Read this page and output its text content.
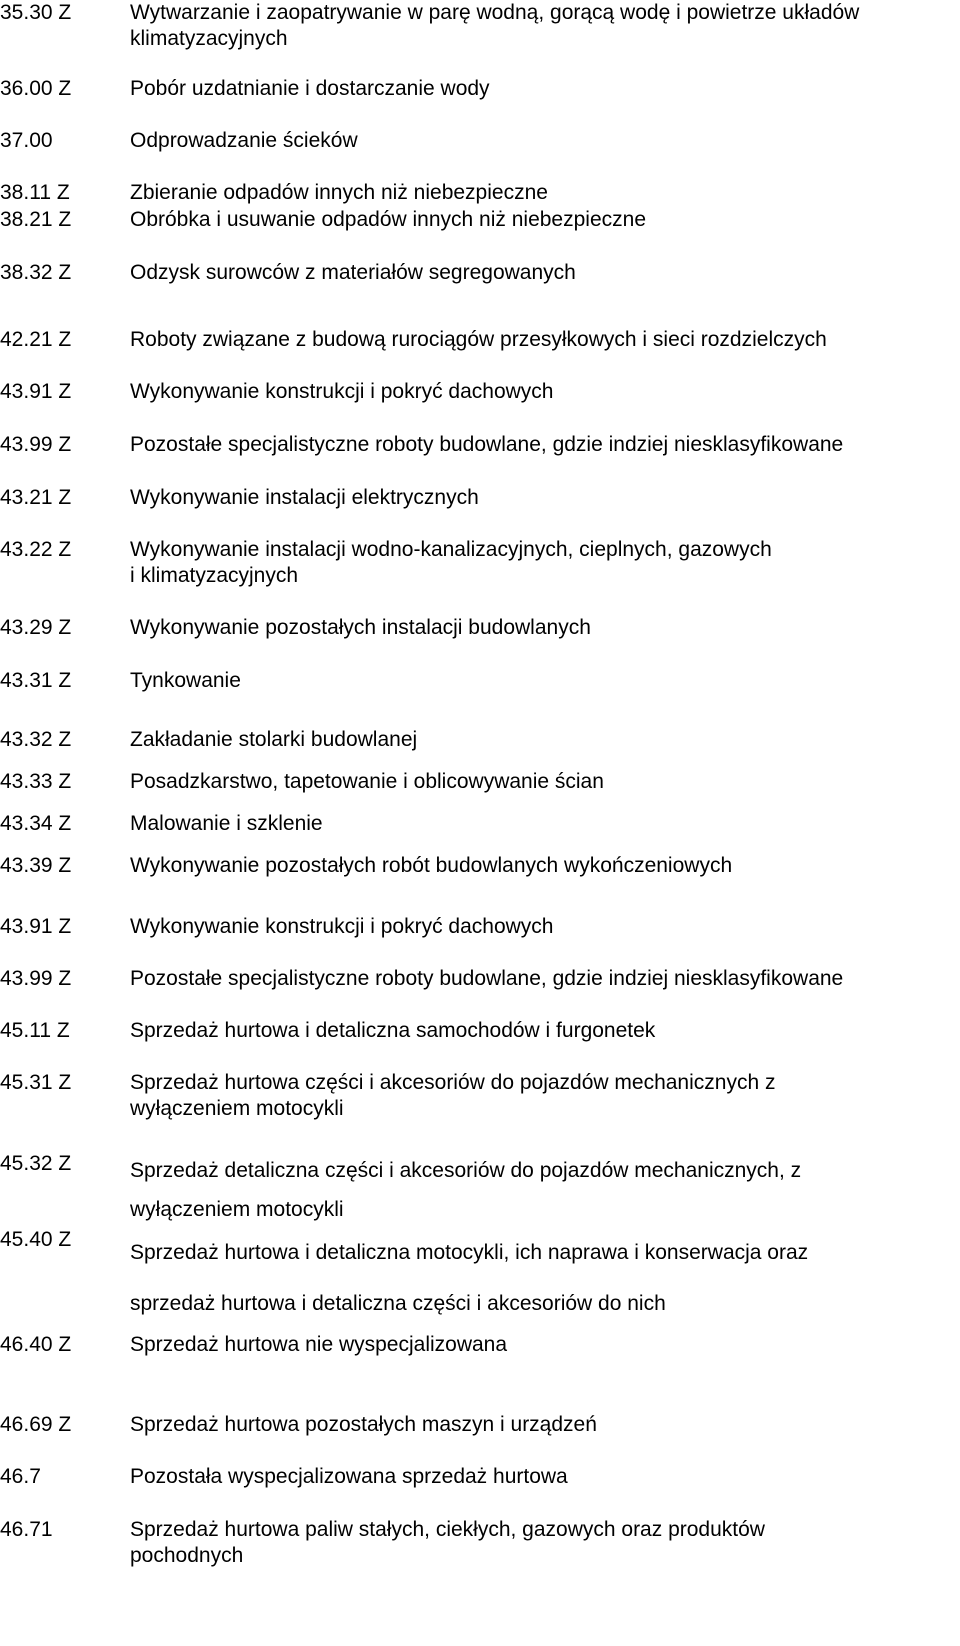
35.30 Z	Wytwarzanie i zaopatrywanie w parę wodną, gorącą wodę i powietrze układów
klimatyzacyjnych
36.00 Z	Pobór uzdatnianie i dostarczanie wody
37.00	Odprowadzanie ścieków
38.11 Z	Zbieranie odpadów innych niż niebezpieczne
38.21 Z	Obróbka i usuwanie odpadów innych niż niebezpieczne
38.32 Z	Odzysk surowców z materiałów segregowanych
42.21 Z	Roboty związane z budową rurociągów przesyłkowych i sieci rozdzielczych
43.91 Z	Wykonywanie konstrukcji i pokryć dachowych
43.99 Z	Pozostałe specjalistyczne roboty budowlane, gdzie indziej niesklasyfikowane
43.21 Z	Wykonywanie instalacji elektrycznych
43.22 Z	Wykonywanie instalacji wodno-kanalizacyjnych, cieplnych, gazowych
i klimatyzacyjnych
43.29 Z	Wykonywanie pozostałych instalacji budowlanych
43.31 Z	Tynkowanie
43.32 Z	Zakładanie stolarki budowlanej
43.33 Z	Posadzkarstwo, tapetowanie i oblicowywanie ścian
43.34 Z	Malowanie i szklenie
43.39 Z	Wykonywanie pozostałych robót budowlanych wykończeniowych
43.91 Z	Wykonywanie konstrukcji i pokryć dachowych
43.99 Z	Pozostałe specjalistyczne roboty budowlane, gdzie indziej niesklasyfikowane
45.11 Z	Sprzedaż hurtowa i detaliczna samochodów i furgonetek
45.31 Z	Sprzedaż hurtowa części i akcesoriów do pojazdów mechanicznych z
wyłączeniem motocykli
45.32 Z	Sprzedaż detaliczna części i akcesoriów do pojazdów mechanicznych, z
wyłączeniem motocykli
45.40 Z
Sprzedaż hurtowa i detaliczna motocykli, ich naprawa i konserwacja oraz
sprzedaż hurtowa i detaliczna części i akcesoriów do nich
46.40 Z	Sprzedaż hurtowa nie wyspecjalizowana
46.69 Z	Sprzedaż hurtowa pozostałych maszyn i urządzeń
46.7	Pozostała wyspecjalizowana sprzedaż hurtowa
46.71	Sprzedaż hurtowa paliw stałych, ciekłych, gazowych oraz produktów
pochodnych
